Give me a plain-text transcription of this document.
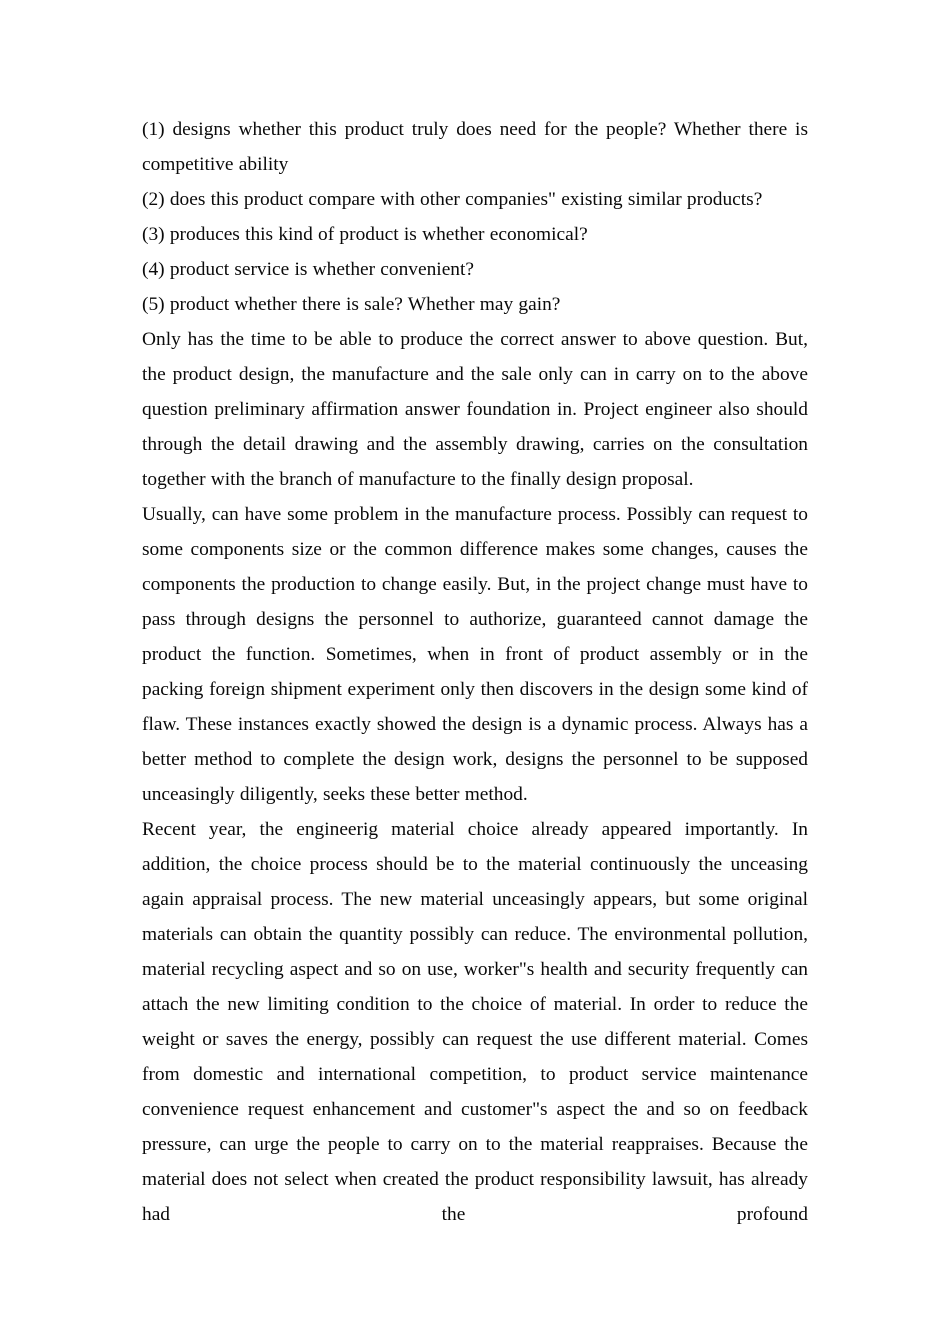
(1) designs whether this product truly does need for the people? Whether there is competitive ability
(2) does this product compare with other companies" existing similar products?
(3) produces this kind of product is whether economical?
(4) product service is whether convenient?
(5) product whether there is sale? Whether may gain?
Only has the time to be able to produce the correct answer to above question. But, the product design, the manufacture and the sale only can in carry on to the above question preliminary affirmation answer foundation in. Project engineer also should through the detail drawing and the assembly drawing, carries on the consultation together with the branch of manufacture to the finally design proposal.
Usually, can have some problem in the manufacture process. Possibly can request to some components size or the common difference makes some changes, causes the components the production to change easily. But, in the project change must have to pass through designs the personnel to authorize, guaranteed cannot damage the product the function. Sometimes, when in front of product assembly or in the packing foreign shipment experiment only then discovers in the design some kind of flaw. These instances exactly showed the design is a dynamic process. Always has a better method to complete the design work, designs the personnel to be supposed unceasingly diligently, seeks these better method.
Recent year, the engineerig material choice already appeared importantly. In addition, the choice process should be to the material continuously the unceasing again appraisal process. The new material unceasingly appears, but some original materials can obtain the quantity possibly can reduce. The environmental pollution, material recycling aspect and so on use, worker"s health and security frequently can attach the new limiting condition to the choice of material. In order to reduce the weight or saves the energy, possibly can request the use different material. Comes from domestic and international competition, to product service maintenance convenience request enhancement and customer"s aspect the and so on feedback pressure, can urge the people to carry on to the material reappraises. Because the material does not select when created the product responsibility lawsuit, has already had the profound
